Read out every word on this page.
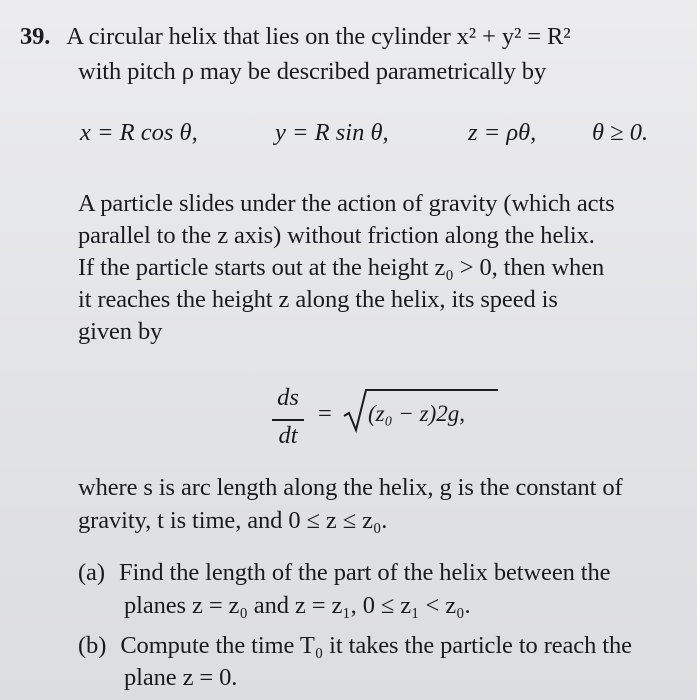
39. A circular helix that lies on the cylinder x² + y² = R²
with pitch ρ may be described parametrically by
x = R cos θ,	y = R sin θ,	z = ρθ, θ ≥ 0.
A particle slides under the action of gravity (which acts
parallel to the z axis) without friction along the helix.
If the particle starts out at the height z₀ > 0, then when
it reaches the height z along the helix, its speed is
given by
ds
dt
= (z₀ − z)2g,
where s is arc length along the helix, g is the constant of
gravity, t is time, and 0 ≤ z ≤ z₀.
(a) Find the length of the part of the helix between the
planes z = z₀ and z = z₁, 0 ≤ z₁ < z₀.
(b) Compute the time T₀ it takes the particle to reach the
plane z = 0.
